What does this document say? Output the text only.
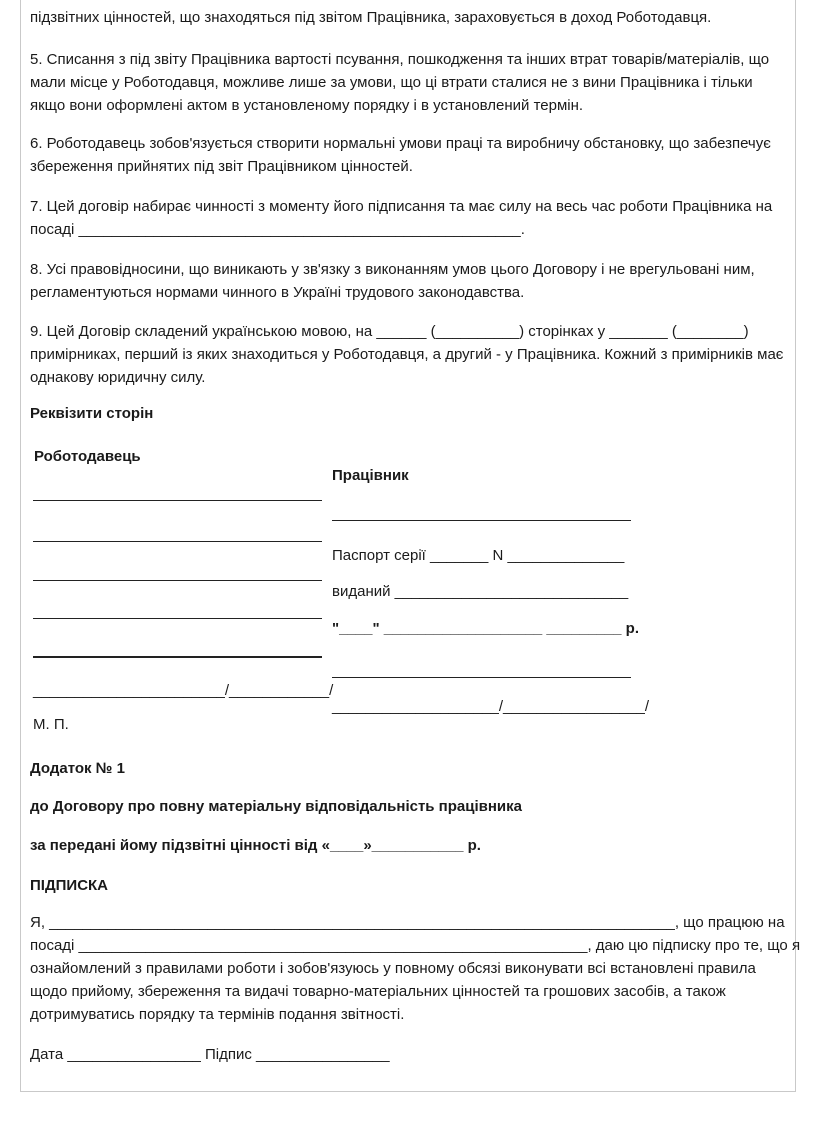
підзвітних цінностей, що знаходяться під звітом Працівника, зараховується в доход Роботодавця.

5. Списання з під звіту Працівника вартості псування, пошкодження та інших втрат товарів/матеріалів, що мали місце у Роботодавця, можливе лише за умови, що ці втрати сталися не з вини Працівника і тільки якщо вони оформлені актом в установленому порядку і в установлений термін.

6. Роботодавець зобов'язується створити нормальні умови праці та виробничу обстановку, що забезпечує збереження прийнятих під звіт Працівником цінностей.

7. Цей договір набирає чинності з моменту його підписання та має силу на весь час роботи Працівника на

посаді _____________________________________________________.

8. Усі правовідносини, що виникають у зв'язку з виконанням умов цього Договору і не врегульовані ним, регламентуються нормами чинного в Україні трудового законодавства.

9. Цей Договір складений українською мовою, на ______ (__________) сторінках у _______ (________) примірниках, перший із яких знаходиться у Роботодавця, а другий - у Працівника. Кожний з примірників має однакову юридичну силу.

Реквізити сторін
Роботодавець
_______________________/____________/
М. П.
Працівник
Паспорт серії _______ N ______________
виданий ____________________________
"____" ___________________ _________ р.
____________________/_________________/
Додаток № 1
до Договору про повну матеріальну відповідальність працівника
за передані йому підзвітні цінності від «____»___________ р.
ПІДПИСКА

Я, ___________________________________________________________________________, що працюю на

посаді _____________________________________________________________, даю цю підписку про те, що я

ознайомлений з правилами роботи і зобов'язуюсь у повному обсязі виконувати всі встановлені правила щодо прийому, збереження та видачі товарно-матеріальних цінностей та грошових засобів, а також дотримуватись порядку та термінів подання звітності.

Дата ________________ Підпис ________________
